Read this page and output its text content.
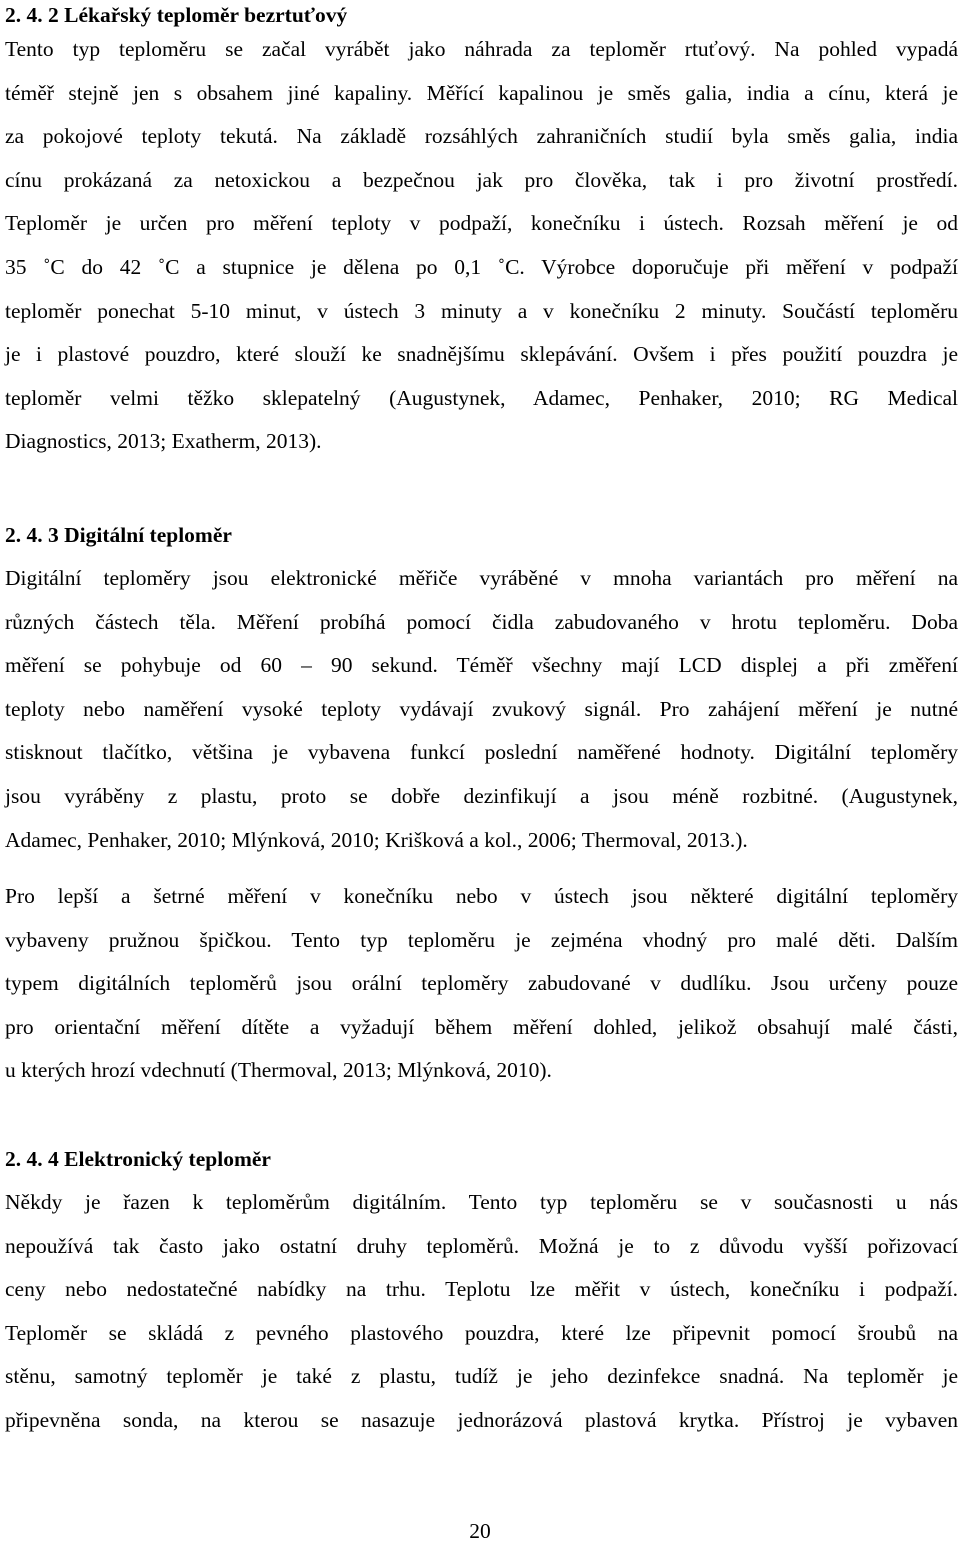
2. 4. 2 Lékařský teploměr bezrtuťový
Tento typ teploměru se začal vyrábět jako náhrada za teploměr rtuťový. Na pohled vypadá
téměř stejně jen s obsahem jiné kapaliny. Měřící kapalinou je směs galia, india a cínu, která je
za pokojové teploty tekutá. Na základě rozsáhlých zahraničních studií byla směs galia, india
cínu prokázaná za netoxickou a bezpečnou jak pro člověka, tak i pro životní prostředí.
Teploměr je určen pro měření teploty v podpaží, konečníku i ústech. Rozsah měření je od
35 ˚C do 42 ˚C a stupnice je dělena po 0,1 ˚C. Výrobce doporučuje při měření v podpaží
teploměr ponechat 5-10 minut, v ústech 3 minuty a v konečníku 2 minuty. Součástí teploměru
je i plastové pouzdro, které slouží ke snadnějšímu sklepávání. Ovšem i přes použití pouzdra je
teploměr velmi těžko sklepatelný (Augustynek, Adamec, Penhaker, 2010; RG Medical
Diagnostics, 2013; Exatherm, 2013).
2. 4. 3 Digitální teploměr
Digitální teploměry jsou elektronické měřiče vyráběné v mnoha variantách pro měření na
různých částech těla. Měření probíhá pomocí čidla zabudovaného v hrotu teploměru. Doba
měření se pohybuje od 60 – 90 sekund. Téměř všechny mají LCD displej a při změření
teploty nebo naměření vysoké teploty vydávají zvukový signál. Pro zahájení měření je nutné
stisknout tlačítko, většina je vybavena funkcí poslední naměřené hodnoty. Digitální teploměry
jsou vyráběny z plastu, proto se dobře dezinfikují a jsou méně rozbitné. (Augustynek,
Adamec, Penhaker, 2010; Mlýnková, 2010; Krišková a kol., 2006; Thermoval, 2013.).
Pro lepší a šetrné měření v konečníku nebo v ústech jsou některé digitální teploměry
vybaveny pružnou špičkou. Tento typ teploměru je zejména vhodný pro malé děti. Dalším
typem digitálních teploměrů jsou orální teploměry zabudované v dudlíku. Jsou určeny pouze
pro orientační měření dítěte a vyžadují během měření dohled, jelikož obsahují malé části,
u kterých hrozí vdechnutí (Thermoval, 2013; Mlýnková, 2010).
2. 4. 4 Elektronický teploměr
Někdy je řazen k teploměrům digitálním. Tento typ teploměru se v současnosti u nás
nepoužívá tak často jako ostatní druhy teploměrů. Možná je to z důvodu vyšší pořizovací
ceny nebo nedostatečné nabídky na trhu. Teplotu lze měřit v ústech, konečníku i podpaží.
Teploměr se skládá z pevného plastového pouzdra, které lze připevnit pomocí šroubů na
stěnu, samotný teploměr je také z plastu, tudíž je jeho dezinfekce snadná. Na teploměr je
připevněna sonda, na kterou se nasazuje jednorázová plastová krytka. Přístroj je vybaven

20
